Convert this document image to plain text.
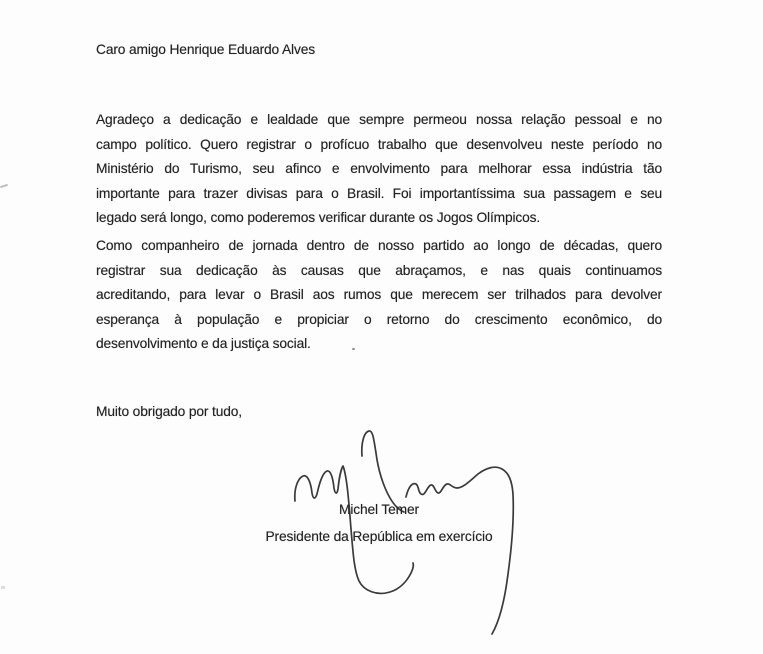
Caro amigo Henrique Eduardo Alves
Agradeço a dedicação e lealdade que sempre permeou nossa relação pessoal e no
campo político. Quero registrar o profícuo trabalho que desenvolveu neste período no
Ministério do Turismo, seu afinco e envolvimento para melhorar essa indústria tão
importante para trazer divisas para o Brasil. Foi importantíssima sua passagem e seu
legado será longo, como poderemos verificar durante os Jogos Olímpicos.
Como companheiro de jornada dentro de nosso partido ao longo de décadas, quero
registrar sua dedicação às causas que abraçamos, e nas quais continuamos
acreditando, para levar o Brasil aos rumos que merecem ser trilhados para devolver
esperança à população e propiciar o retorno do crescimento econômico, do
desenvolvimento e da justiça social.
Muito obrigado por tudo,
Michel Temer
Presidente da República em exercício
